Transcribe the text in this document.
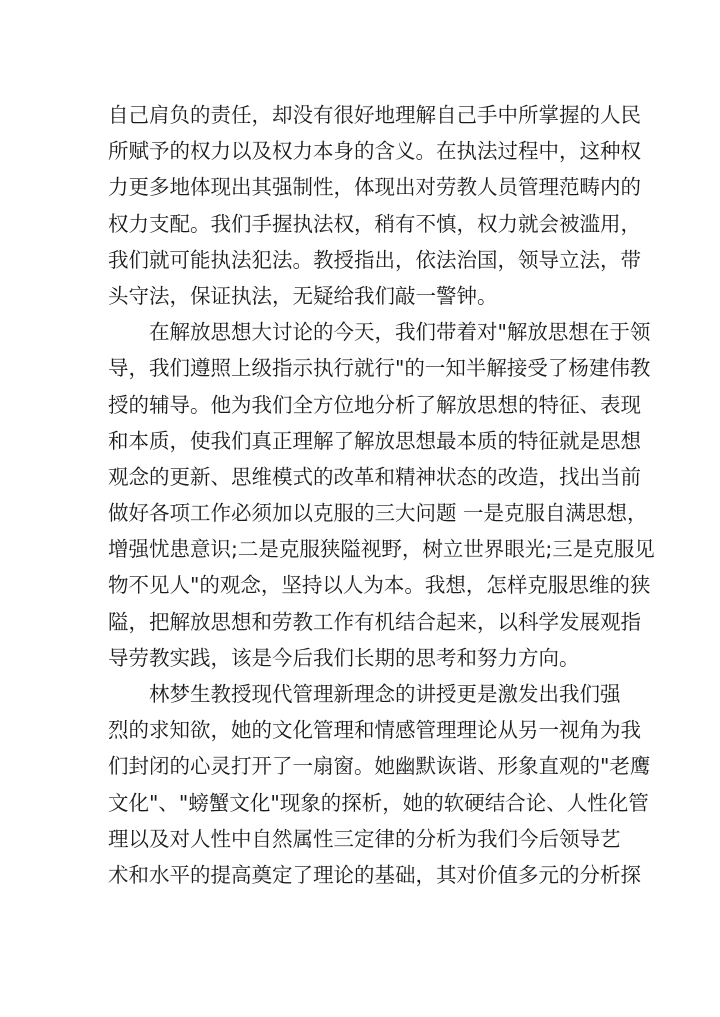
自己肩负的责任，却没有很好地理解自己手中所掌握的人民
所赋予的权力以及权力本身的含义。在执法过程中，这种权
力更多地体现出其强制性，体现出对劳教人员管理范畴内的
权力支配。我们手握执法权，稍有不慎，权力就会被滥用，
我们就可能执法犯法。教授指出，依法治国，领导立法，带
头守法，保证执法，无疑给我们敲一警钟。
在解放思想大讨论的今天，我们带着对"解放思想在于领
导，我们遵照上级指示执行就行"的一知半解接受了杨建伟教
授的辅导。他为我们全方位地分析了解放思想的特征、表现
和本质，使我们真正理解了解放思想最本质的特征就是思想
观念的更新、思维模式的改革和精神状态的改造，找出当前
做好各项工作必须加以克服的三大问题 一是克服自满思想，
增强忧患意识;二是克服狭隘视野，树立世界眼光;三是克服见
物不见人"的观念，坚持以人为本。我想，怎样克服思维的狭
隘，把解放思想和劳教工作有机结合起来，以科学发展观指
导劳教实践，该是今后我们长期的思考和努力方向。
林梦生教授现代管理新理念的讲授更是激发出我们强
烈的求知欲，她的文化管理和情感管理理论从另一视角为我
们封闭的心灵打开了一扇窗。她幽默诙谐、形象直观的"老鹰
文化"、"螃蟹文化"现象的探析，她的软硬结合论、人性化管
理以及对人性中自然属性三定律的分析为我们今后领导艺
术和水平的提高奠定了理论的基础，其对价值多元的分析探
